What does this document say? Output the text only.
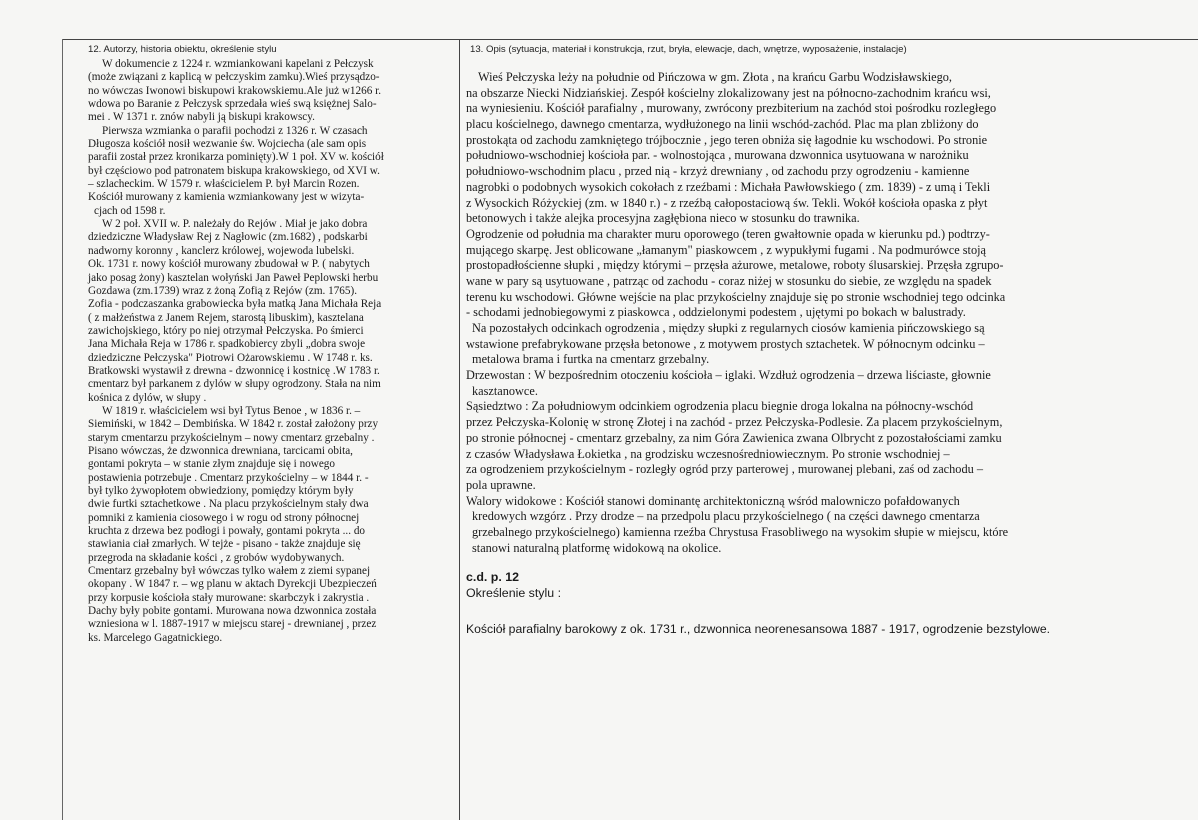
12. Autorzy, historia obiektu, określenie stylu	13. Opis (sytuacja, materiał i konstrukcja, rzut, bryła, elewacje, dach, wnętrze, wyposażenie, instalacje)
W dokumencie z 1224 r. wzmiankowani kapelani z Pełczysk
(może związani z kaplicą w pełczyskim zamku).Wieś przysądzo-
no wówczas Iwonowi biskupowi krakowskiemu.Ale już w1266 r.
wdowa po Baranie z Pełczysk sprzedała wieś swą księżnej Salo-
mei . W 1371 r. znów nabyli ją biskupi krakowscy.
Pierwsza wzmianka o parafii pochodzi z 1326 r. W czasach
Długosza kościół nosił wezwanie św. Wojciecha (ale sam opis
parafii został przez kronikarza pominięty).W 1 poł. XV w. kościół
był częściowo pod patronatem biskupa krakowskiego, od XVI w.
– szlacheckim. W 1579 r. właścicielem P. był Marcin Rozen.
Kościół murowany z kamienia wzmiankowany jest w wizyta-
cjach od 1598 r.
W 2 poł. XVII w. P. należały do Rejów . Miał je jako dobra
dziedziczne Władysław Rej z Nagłowic (zm.1682) , podskarbi
nadworny koronny , kanclerz królowej, wojewoda lubelski.
Ok. 1731 r. nowy kościół murowany zbudował w P. ( nabytych
jako posag żony) kasztelan wołyński Jan Paweł Peplowski herbu
Gozdawa (zm.1739) wraz z żoną Zofią z Rejów (zm. 1765).
Zofia - podczaszanka grabowiecka była matką Jana Michała Reja
( z małżeństwa z Janem Rejem, starostą libuskim), kasztelana
zawichojskiego, który po niej otrzymał Pełczyska. Po śmierci
Jana Michała Reja w 1786 r. spadkobiercy zbyli „dobra swoje
dziedziczne Pełczyska" Piotrowi Ożarowskiemu . W 1748 r. ks.
Bratkowski wystawił z drewna - dzwonnicę i kostnicę .W 1783 r.
cmentarz był parkanem z dylów w słupy ogrodzony. Stała na nim
kośnica z dylów, w słupy .
W 1819 r. właścicielem wsi był Tytus Benoe , w 1836 r. –
Siemiński, w 1842 – Dembińska. W 1842 r. został założony przy
starym cmentarzu przykościelnym – nowy cmentarz grzebalny .
Pisano wówczas, że dzwonnica drewniana, tarcicami obita,
gontami pokryta – w stanie złym znajduje się i nowego
postawienia potrzebuje . Cmentarz przykościelny – w 1844 r. -
był tylko żywopłotem obwiedziony, pomiędzy którym były
dwie furtki sztachetkowe . Na placu przykościelnym stały dwa
pomniki z kamienia ciosowego i w rogu od strony północnej
kruchta z drzewa bez podłogi i powały, gontami pokryta ... do
stawiania ciał zmarłych. W tejże - pisano - także znajduje się
przegroda na składanie kości , z grobów wydobywanych.
Cmentarz grzebalny był wówczas tylko wałem z ziemi sypanej
okopany . W 1847 r. – wg planu w aktach Dyrekcji Ubezpieczeń
przy korpusie kościoła stały murowane: skarbczyk i zakrystia .
Dachy były pobite gontami. Murowana nowa dzwonnica została
wzniesiona w l. 1887-1917 w miejscu starej - drewnianej , przez
ks. Marcelego Gagatnickiego.
Wieś Pełczyska leży na południe od Pińczowa w gm. Złota , na krańcu Garbu Wodzisławskiego,
na obszarze Niecki Nidziańskiej. Zespół kościelny zlokalizowany jest na północno-zachodnim krańcu wsi,
na wyniesieniu. Kościół parafialny , murowany, zwrócony prezbiterium na zachód stoi pośrodku rozległego
placu kościelnego, dawnego cmentarza, wydłużonego na linii wschód-zachód. Plac ma plan zbliżony do
prostokąta od zachodu zamkniętego trójbocznie , jego teren obniża się łagodnie ku wschodowi. Po stronie
południowo-wschodniej kościoła par. - wolnostojąca , murowana dzwonnica usytuowana w narożniku
południowo-wschodnim placu , przed nią - krzyż drewniany , od zachodu przy ogrodzeniu - kamienne
nagrobki o podobnych wysokich cokołach z rzeźbami : Michała Pawłowskiego ( zm. 1839) - z umą i Tekli
z Wysockich Różyckiej (zm. w 1840 r.) - z rzeźbą całopostaciową św. Tekli. Wokół kościoła opaska z płyt
betonowych i także alejka procesyjna zagłębiona nieco w stosunku do trawnika.
Ogrodzenie od południa ma charakter muru oporowego (teren gwałtownie opada w kierunku pd.) podtrzy-
mującego skarpę. Jest oblicowane „łamanym" piaskowcem , z wypukłymi fugami . Na podmurówce stoją
prostopadłościenne słupki , między którymi – przęsła ażurowe, metalowe, roboty ślusarskiej. Przęsła zgrupo-
wane w pary są usytuowane , patrząc od zachodu - coraz niżej w stosunku do siebie, ze względu na spadek
terenu ku wschodowi. Główne wejście na plac przykościelny znajduje się po stronie wschodniej tego odcinka
- schodami jednobiegowymi z piaskowca , oddzielonymi podestem , ujętymi po bokach w balustrady.
Na pozostałych odcinkach ogrodzenia , między słupki z regularnych ciosów kamienia pińczowskiego są
wstawione prefabrykowane przęsła betonowe , z motywem prostych sztachetek. W północnym odcinku –
metalowa brama i furtka na cmentarz grzebalny.
Drzewostan : W bezpośrednim otoczeniu kościoła – iglaki. Wzdłuż ogrodzenia – drzewa liściaste, głownie
kasztanowce.
Sąsiedztwo : Za południowym odcinkiem ogrodzenia placu biegnie droga lokalna na północny-wschód
przez Pełczyska-Kolonię w stronę Złotej i na zachód - przez Pełczyska-Podlesie. Za placem przykościelnym,
po stronie północnej - cmentarz grzebalny, za nim Góra Zawienica zwana Olbrycht z pozostałościami zamku
z czasów Władysława Łokietka , na grodzisku wczesnośredniowiecznym. Po stronie wschodniej –
za ogrodzeniem przykościelnym - rozległy ogród przy parterowej , murowanej plebani, zaś od zachodu –
pola uprawne.
Walory widokowe : Kościół stanowi dominantę architektoniczną wśród malowniczo pofałdowanych
kredowych wzgórz . Przy drodze – na przedpolu placu przykościelnego ( na części dawnego cmentarza
grzebalnego przykościelnego) kamienna rzeźba Chrystusa Frasobliwego na wysokim słupie w miejscu, które
stanowi naturalną platformę widokową na okolice.
c.d. p. 12
Określenie stylu :
Kościół parafialny barokowy z ok. 1731 r., dzwonnica neorenesansowa 1887 - 1917, ogrodzenie bezstylowe.
